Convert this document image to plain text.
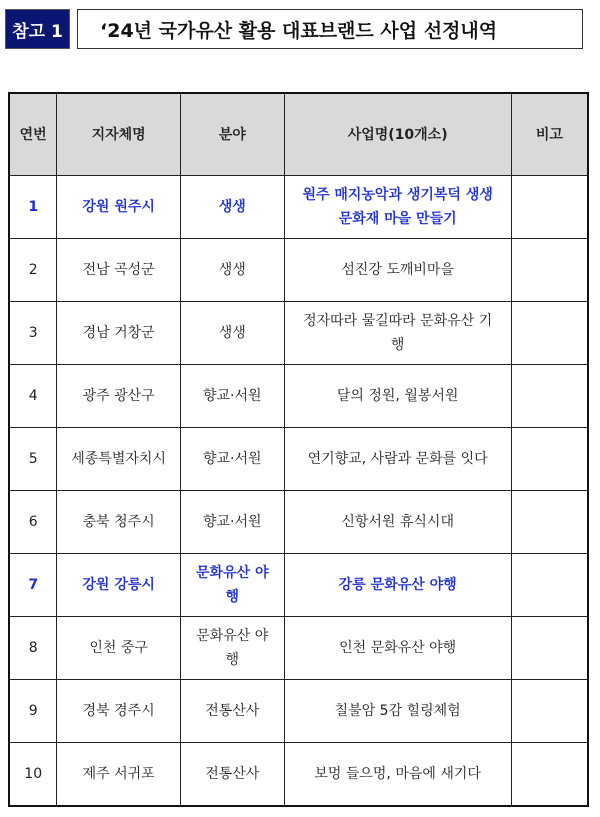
참고 1	‘24년 국가유산 활용 대표브랜드 사업 선정내역
연번	지자체명	분야	사업명(10개소)	비고
1	강원 원주시	생생	원주 매지농악과 생기복덕 생생문화재 마을 만들기	
2	전남 곡성군	생생	섬진강 도깨비마을	
3	경남 거창군	생생	정자따라 물길따라 문화유산 기행	
4	광주 광산구	향교·서원	달의 정원, 월봉서원	
5	세종특별자치시	향교·서원	연기향교, 사람과 문화를 잇다	
6	충북 청주시	향교·서원	신항서원 휴식시대	
7	강원 강릉시	문화유산 야행	강릉 문화유산 야행	
8	인천 중구	문화유산 야행	인천 문화유산 야행	
9	경북 경주시	전통산사	칠불암 5감 힐링체험	
10	제주 서귀포	전통산사	보멍 들으멍, 마음에 새기다	
